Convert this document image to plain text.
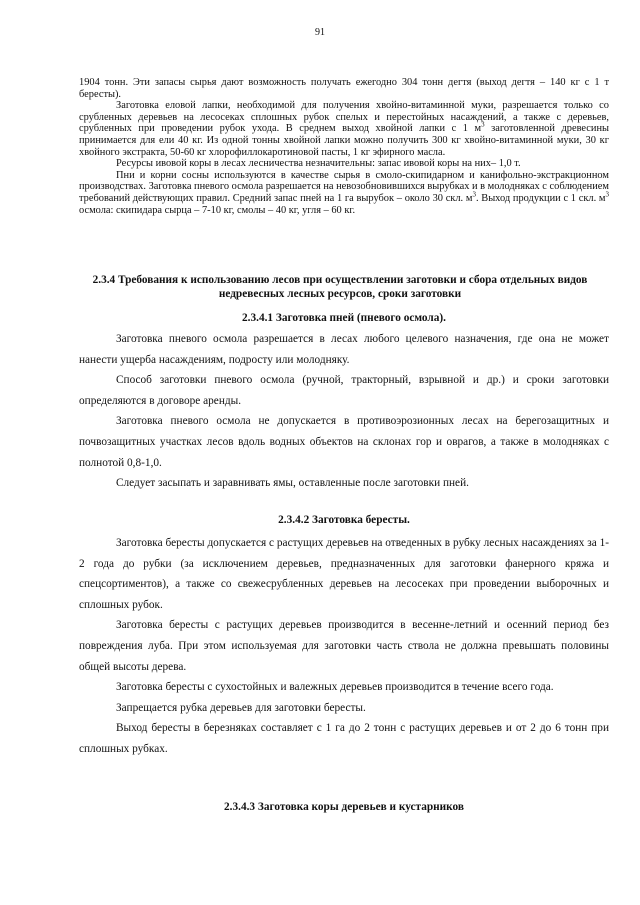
91

1904 тонн. Эти запасы сырья дают возможность получать ежегодно 304 тонн дегтя (выход дегтя – 140 кг с 1 т бересты).

Заготовка еловой лапки, необходимой для получения хвойно-витаминной муки, разрешается только со срубленных деревьев на лесосеках сплошных рубок спелых и перестойных насаждений, а также с деревьев, срубленных при проведении рубок ухода. В среднем выход хвойной лапки с 1 $м^3$ заготовленной древесины принимается для ели 40 кг. Из одной тонны хвойной лапки можно получить 300 кг хвойно-витаминной муки, 30 кг хвойного экстракта, 50-60 кг хлорофиллокаротиновой пасты, 1 кг эфирного масла.

Ресурсы ивовой коры в лесах лесничества незначительны: запас ивовой коры на них– 1,0 т.

Пни и корни сосны используются в качестве сырья в смоло-скипидарном и канифольно-экстракционном производствах. Заготовка пневого осмола разрешается на невозобновившихся вырубках и в молодняках с соблюдением требований действующих правил. Средний запас пней на 1 га вырубок – около 30 скл. $м^3$. Выход продукции с 1 скл. $м^3$ осмола: скипидара сырца – 7-10 кг, смолы – 40 кг, угля – 60 кг.

2.3.4 Требования к использованию лесов при осуществлении заготовки и сбора отдельных видов недревесных лесных ресурсов, сроки заготовки
2.3.4.1 Заготовка пней (пневого осмола).

Заготовка пневого осмола разрешается в лесах любого целевого назначения, где она не может нанести ущерба насаждениям, подросту или молодняку.

Способ заготовки пневого осмола (ручной, тракторный, взрывной и др.) и сроки заготовки определяются в договоре аренды.

Заготовка пневого осмола не допускается в противоэрозионных лесах на берегозащитных и почвозащитных участках лесов вдоль водных объектов на склонах гор и оврагов, а также в молодняках с полнотой 0,8-1,0.

Следует засыпать и заравнивать ямы, оставленные после заготовки пней.

2.3.4.2 Заготовка бересты.

Заготовка бересты допускается с растущих деревьев на отведенных в рубку лесных насаждениях за 1-2 года до рубки (за исключением деревьев, предназначенных для заготовки фанерного кряжа и спецсортиментов), а также со свежесрубленных деревьев на лесосеках при проведении выборочных и сплошных рубок.

Заготовка бересты с растущих деревьев производится в весенне-летний и осенний период без повреждения луба. При этом используемая для заготовки часть ствола не должна превышать половины общей высоты дерева.

Заготовка бересты с сухостойных и валежных деревьев производится в течение всего года.

Запрещается рубка деревьев для заготовки бересты.

Выход бересты в березняках составляет с 1 га до 2 тонн с растущих деревьев и от 2 до 6 тонн при сплошных рубках.

2.3.4.3 Заготовка коры деревьев и кустарников
